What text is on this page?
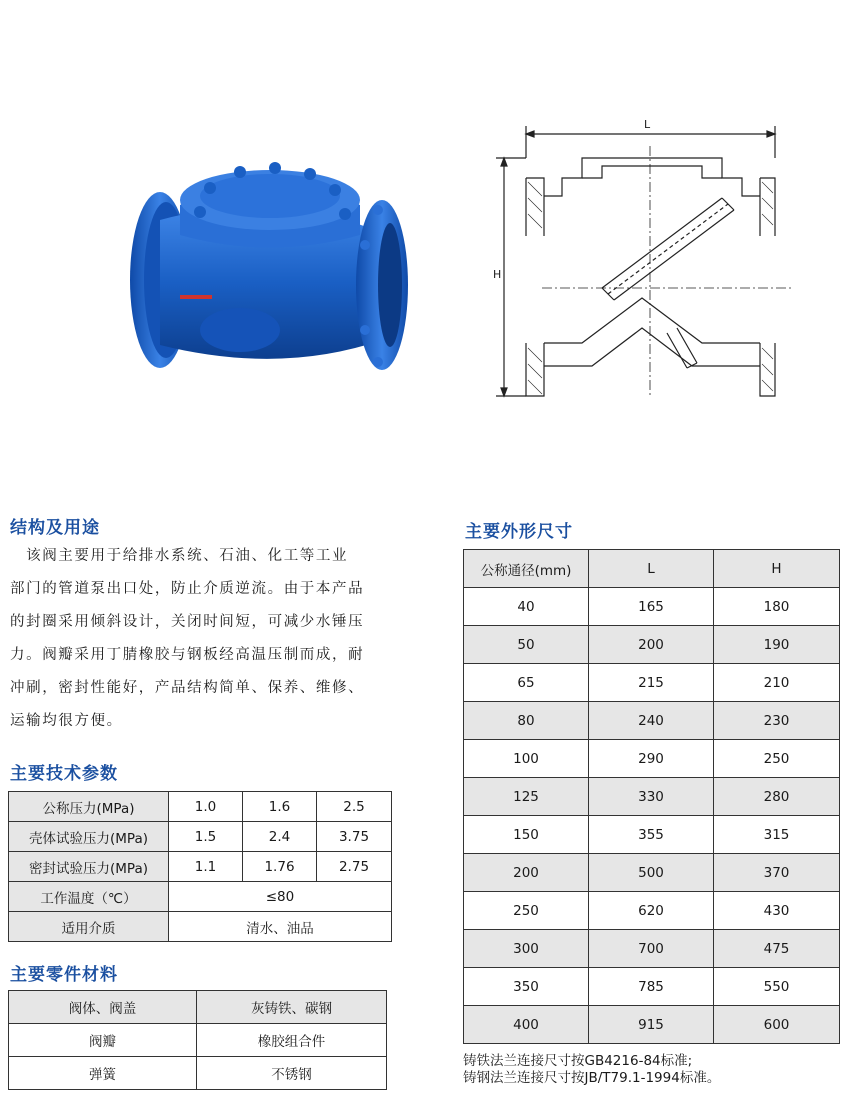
L
H
结构及用途

　该阀主要用于给排水系统、石油、化工等工业

部门的管道泵出口处，防止介质逆流。由于本产品

的封圈采用倾斜设计，关闭时间短，可减少水锤压

力。阀瓣采用丁腈橡胶与钢板经高温压制而成，耐

冲刷，密封性能好，产品结构简单、保养、维修、

运输均很方便。

主要技术参数
公称压力(MPa)	1.0	1.6	2.5
壳体试验压力(MPa)	1.5	2.4	3.75
密封试验压力(MPa)	1.1	1.76	2.75
工作温度（℃）	≤80		
适用介质	清水、油品		
主要零件材料
阀体、阀盖	灰铸铁、碳钢
阀瓣	橡胶组合件
弹簧	不锈钢
主要外形尺寸
公称通径(mm)	L	H
40	165	180
50	200	190
65	215	210
80	240	230
100	290	250
125	330	280
150	355	315
200	500	370
250	620	430
300	700	475
350	785	550
400	915	600
铸铁法兰连接尺寸按GB4216-84标准;
铸钢法兰连接尺寸按JB/T79.1-1994标准。
